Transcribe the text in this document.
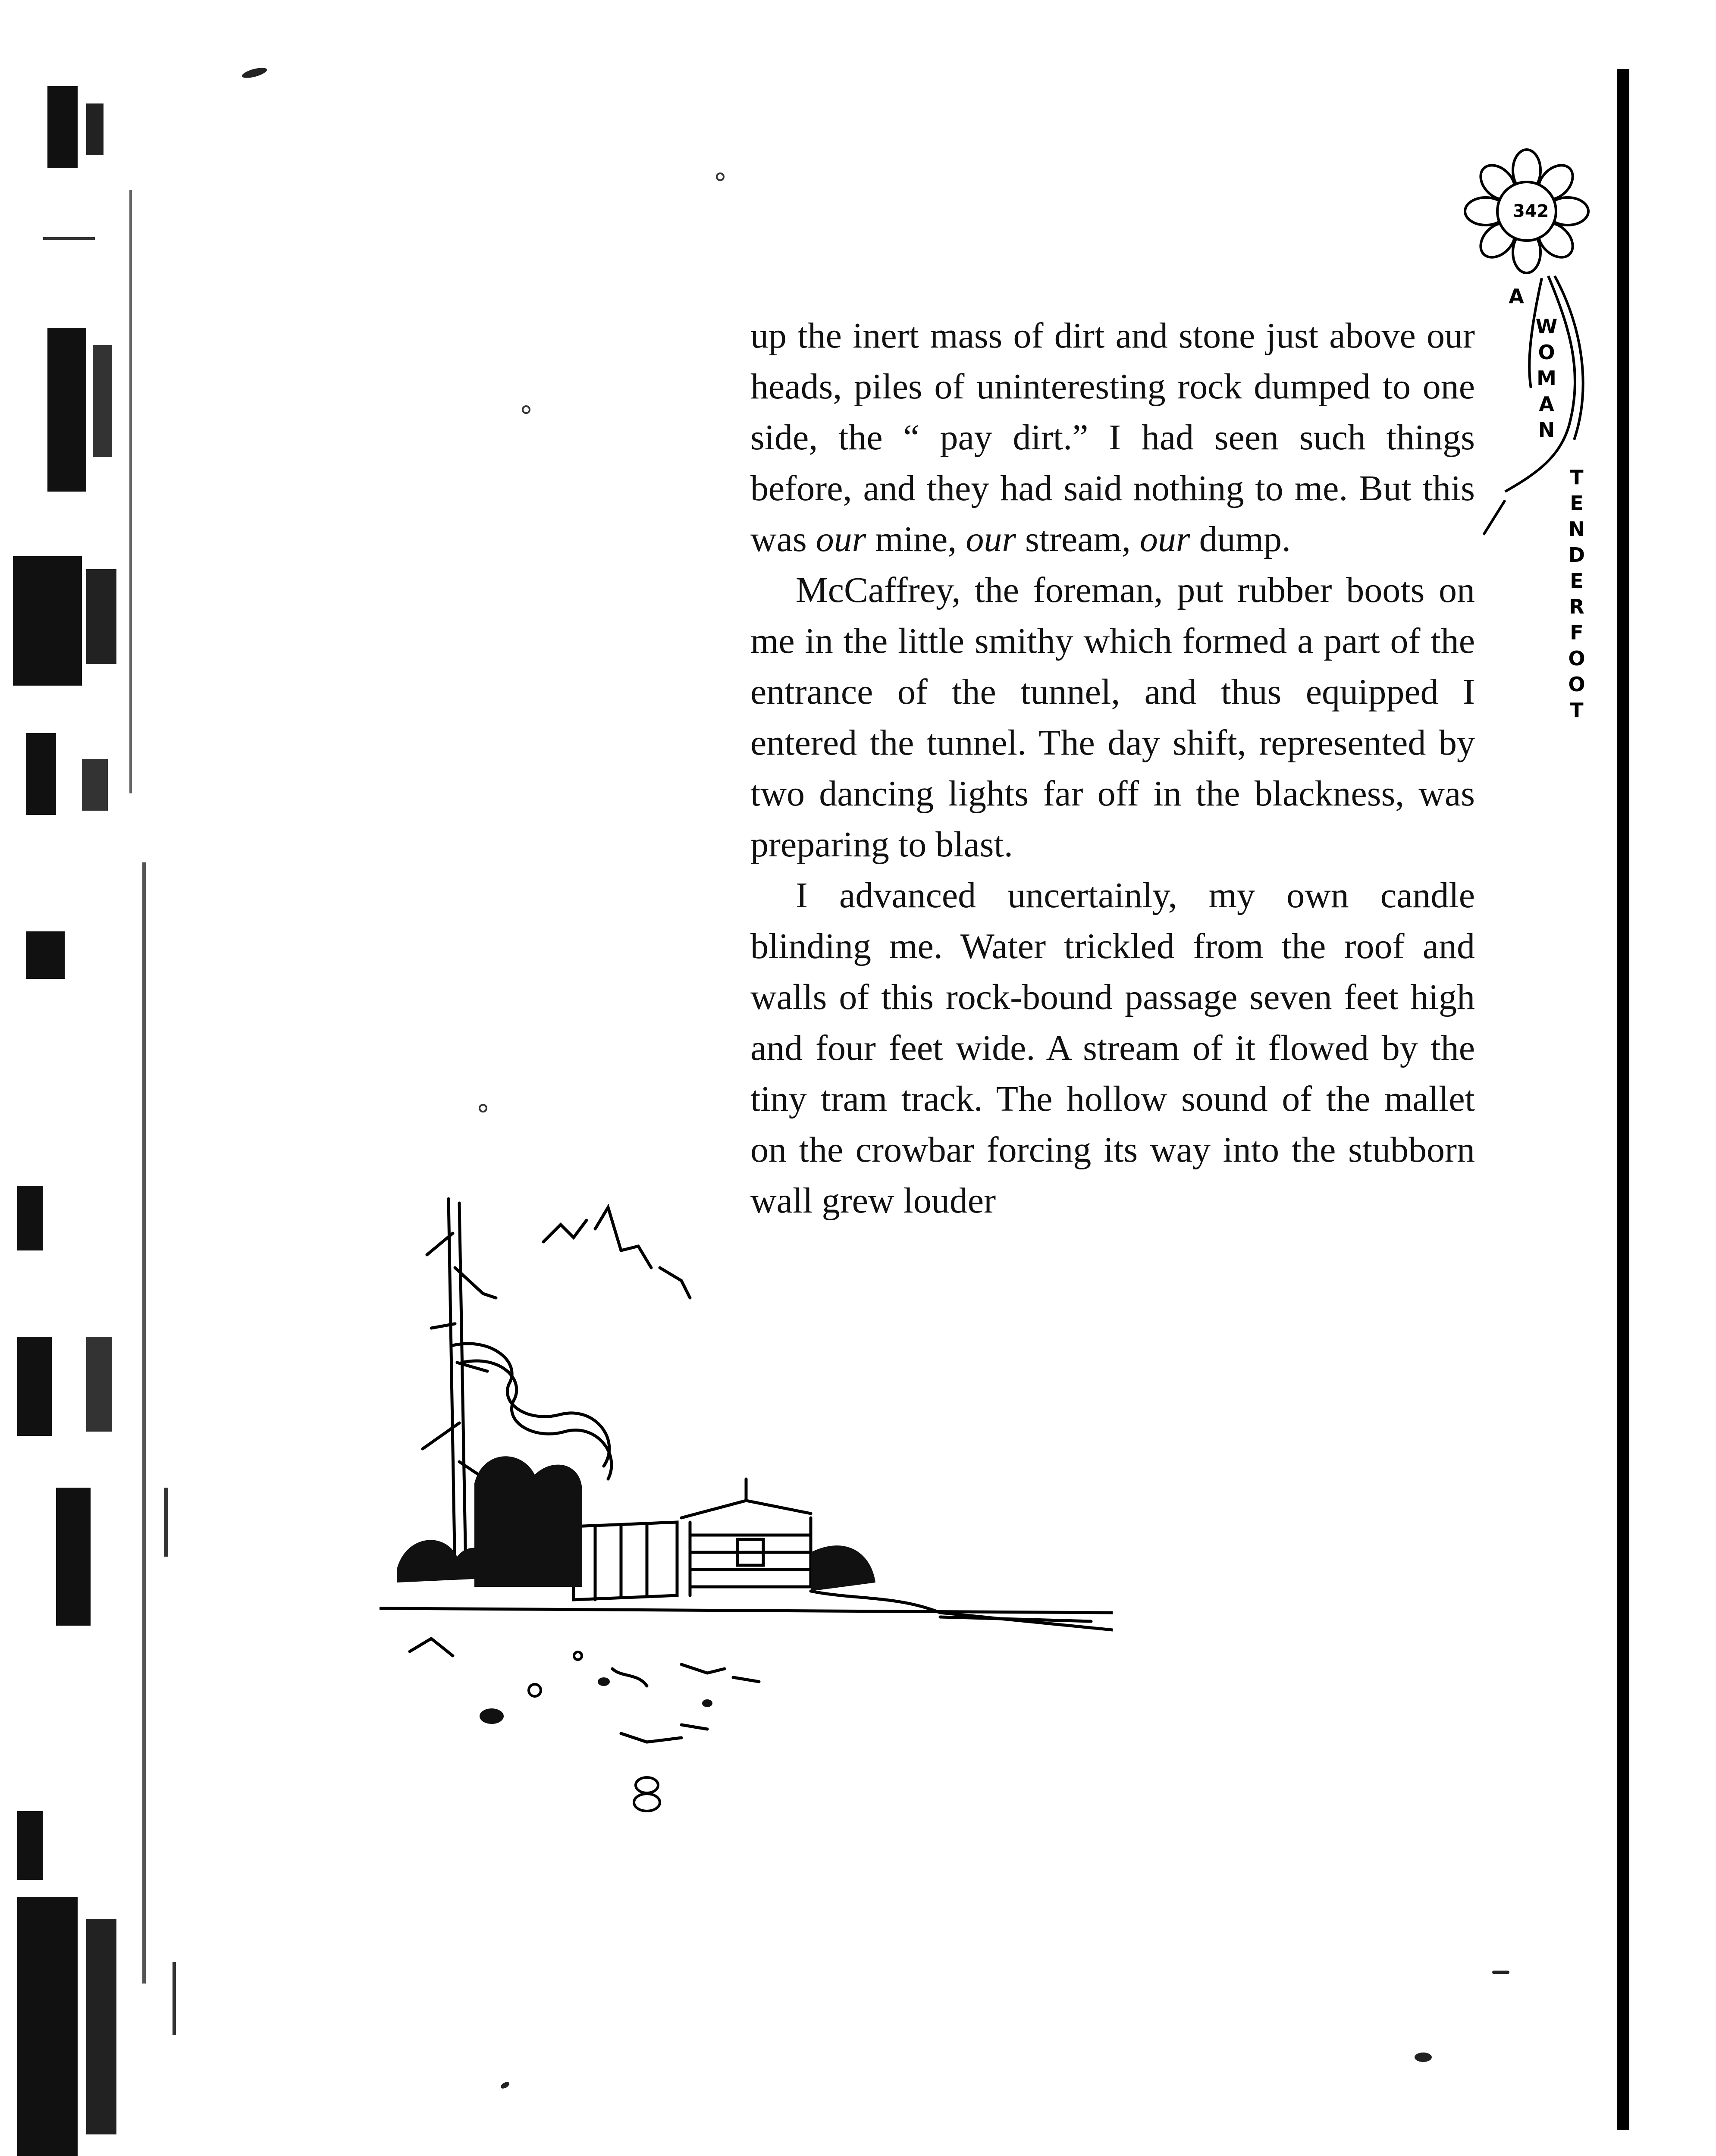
342
A
W
O
M
A
N
T
E
N
D
E
R
F
O
O
T

up the inert mass of dirt and stone just above our heads, piles of uninteresting rock dumped to one side, the “ pay dirt.” I had seen such things before, and they had said nothing to me. But this was our mine, our stream, our dump.

McCaffrey, the foreman, put rubber boots on me in the little smithy which formed a part of the entrance of the tunnel, and thus equipped I entered the tunnel. The day shift, represented by two dancing lights far off in the blackness, was preparing to blast.

I advanced uncertainly, my own candle blinding me. Water trickled from the roof and walls of this rock-bound passage seven feet high and four feet wide. A stream of it flowed by the tiny tram track. The hollow sound of the mallet on the crowbar forcing its way into the stubborn wall grew louder
